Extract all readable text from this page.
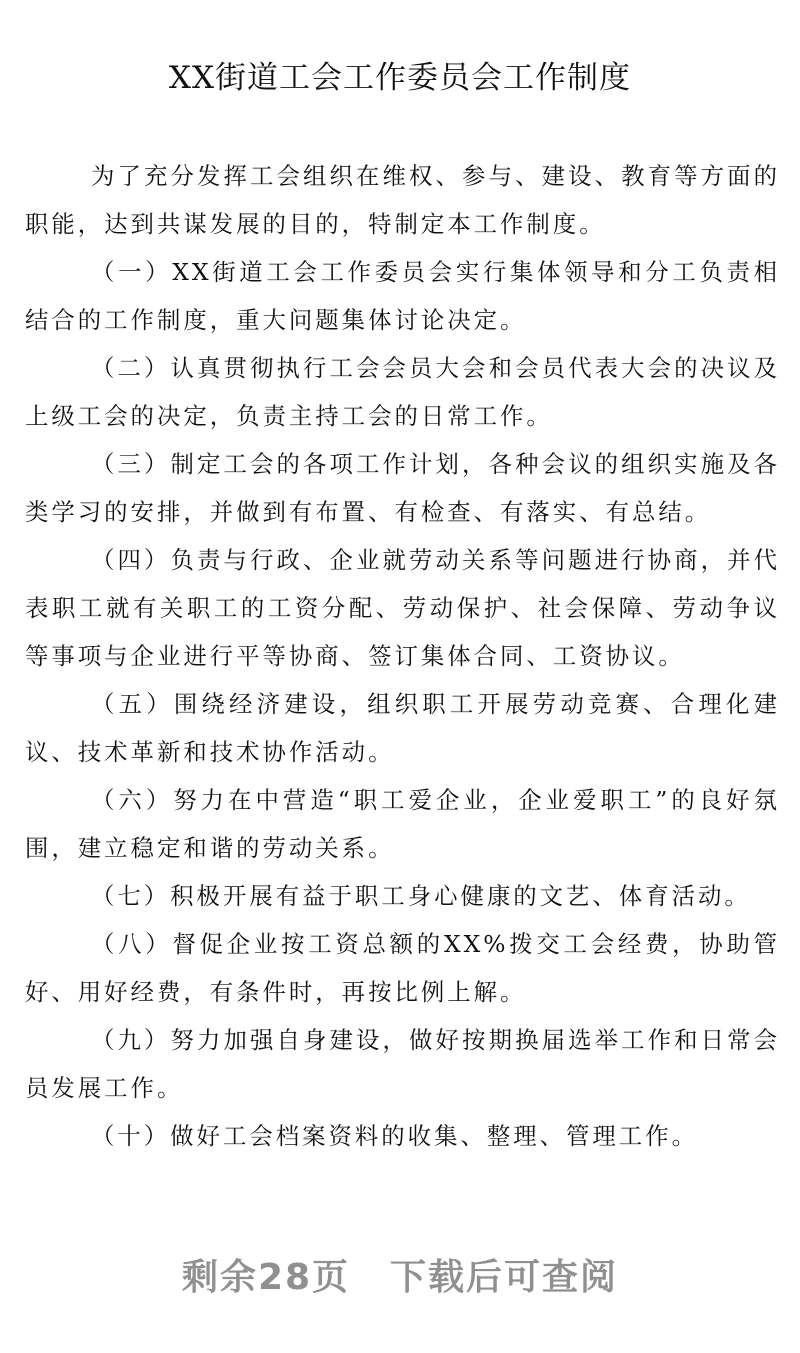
XX街道工会工作委员会工作制度

为了充分发挥工会组织在维权、参与、建设、教育等方面的职能，达到共谋发展的目的，特制定本工作制度。

（一）XX街道工会工作委员会实行集体领导和分工负责相结合的工作制度，重大问题集体讨论决定。

（二）认真贯彻执行工会会员大会和会员代表大会的决议及上级工会的决定，负责主持工会的日常工作。

（三）制定工会的各项工作计划，各种会议的组织实施及各类学习的安排，并做到有布置、有检查、有落实、有总结。

（四）负责与行政、企业就劳动关系等问题进行协商，并代表职工就有关职工的工资分配、劳动保护、社会保障、劳动争议等事项与企业进行平等协商、签订集体合同、工资协议。

（五）围绕经济建设，组织职工开展劳动竞赛、合理化建议、技术革新和技术协作活动。

（六）努力在中营造“职工爱企业，企业爱职工”的良好氛围，建立稳定和谐的劳动关系。

（七）积极开展有益于职工身心健康的文艺、体育活动。

（八）督促企业按工资总额的XX%拨交工会经费，协助管好、用好经费，有条件时，再按比例上解。

（九）努力加强自身建设，做好按期换届选举工作和日常会员发展工作。

（十）做好工会档案资料的收集、整理、管理工作。

剩余28页 下载后可查阅
